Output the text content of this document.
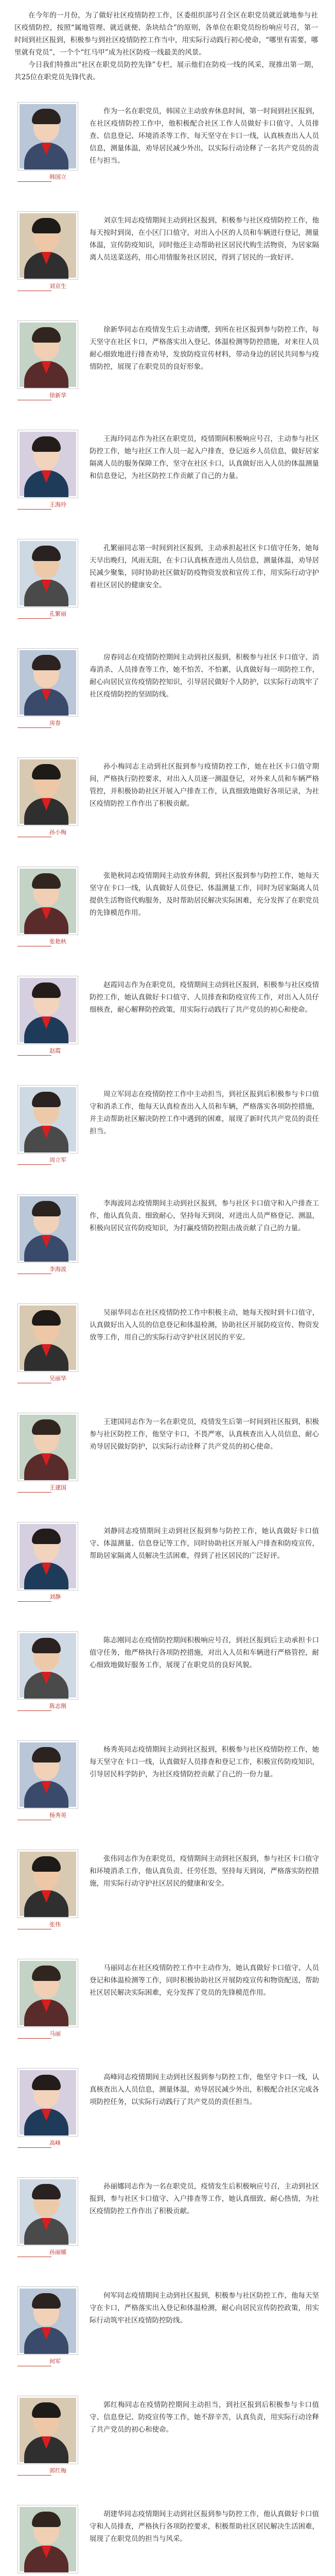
在今年的一月份，为了做好社区疫情防控工作，区委组织部号召全区在职党员就近就地参与社区疫情防控，按照“属地管理、就近就便、条块结合”的原则，各单位在职党员纷纷响应号召，第一时间到社区报到，积极参与到社区疫情防控工作当中，用实际行动践行初心使命，“哪里有需要，哪里就有党员”，一个个“红马甲”成为社区防疫一线最美的风景。

今日我们特推出“社区在职党员防控先锋”专栏，展示他们在防疫一线的风采，现推出第一期，共25位在职党员先锋代表。

韩国立

作为一名在职党员，韩国立主动放弃休息时间，第一时间到社区报到，在社区疫情防控工作中，他积极配合社区工作人员做好卡口值守、人员排查、信息登记、环境消杀等工作，每天坚守在卡口一线，认真核查出入人员信息，测量体温，劝导居民减少外出，以实际行动诠释了一名共产党员的责任与担当。

刘京生

刘京生同志疫情期间主动到社区报到，积极参与社区疫情防控工作，他每天按时到岗，在小区门口值守，对出入小区的人员和车辆进行登记，测量体温，宣传防疫知识，同时他还主动帮助社区居民代购生活物资，为居家隔离人员送菜送药，用心用情服务社区居民，得到了居民的一致好评。

徐新华

徐新华同志在疫情发生后主动请缨，到所在社区报到参与防控工作，每天坚守在社区卡口，严格落实出入登记、体温检测等防控措施，对来往人员耐心细致地进行排查劝导，发放防疫宣传材料，带动身边的居民共同参与疫情防控，展现了在职党员的良好形象。

王海玲

王海玲同志作为社区在职党员，疫情期间积极响应号召，主动参与社区防控工作，她与社区工作人员一起入户排查，登记返乡人员信息，做好居家隔离人员的服务保障工作，坚守在社区卡口，认真做好出入人员的体温测量和信息登记，为社区防控工作贡献了自己的力量。

孔繁丽

孔繁丽同志第一时间到社区报到，主动承担起社区卡口值守任务，她每天早出晚归，风雨无阻，在卡口认真核查进出人员信息，测量体温，劝导居民减少聚集，同时协助社区做好防疫物资发放和宣传工作，用实际行动守护着社区居民的健康安全。

房春

房春同志在疫情防控期间主动到社区报到，积极参与社区卡口值守、消毒消杀、人员排查等工作，她不怕苦、不怕累，认真做好每一项防控工作，耐心向居民宣传疫情防控知识，引导居民做好个人防护，以实际行动筑牢了社区疫情防控的坚固防线。

孙小梅

孙小梅同志主动到社区报到参与疫情防控工作，她在社区卡口值守期间，严格执行防控要求，对出入人员逐一测温登记，对外来人员和车辆严格管控，并积极协助社区开展入户排查工作，认真细致地做好各项记录，为社区疫情防控工作作出了积极贡献。

张艳秋

张艳秋同志疫情期间主动放弃休假，到社区报到参与防控工作，她每天坚守在卡口一线，认真做好人员登记、体温测量工作，同时为居家隔离人员提供生活物资代购服务，及时帮助居民解决实际困难，充分发挥了在职党员的先锋模范作用。

赵霞

赵霞同志作为在职党员，疫情期间主动到社区报到，积极参与社区疫情防控工作，她认真做好卡口值守、人员排查和防疫宣传工作，对出入人员仔细核查，耐心解释防控政策，用实际行动践行了共产党员的初心和使命。

周立军

周立军同志在疫情防控工作中主动担当，到社区报到后积极参与卡口值守和消杀工作，他每天认真检查出入人员和车辆，严格落实各项防控措施，并主动帮助社区解决防控工作中遇到的困难，展现了新时代共产党员的责任担当。

李海波

李海波同志疫情期间主动到社区报到，参与社区卡口值守和入户排查工作，他认真负责、细致耐心，坚持每天到岗，对进出人员严格登记、测温，积极向居民宣传防疫知识，为打赢疫情防控阻击战贡献了自己的力量。

吴丽华

吴丽华同志在社区疫情防控工作中积极主动，她每天按时到卡口值守，认真做好出入人员的信息登记和体温检测，协助社区开展防疫宣传、物资发放等工作，用自己的实际行动守护社区居民的平安。

王建国

王建国同志作为一名在职党员，疫情发生后第一时间到社区报到，积极参与社区防控工作，他坚守卡口，不畏严寒，认真核查出入人员信息，耐心劝导居民做好防护，以实际行动诠释了共产党员的初心使命。

刘静

刘静同志疫情期间主动到社区报到参与防控工作，她认真做好卡口值守、体温测量、信息登记等工作，同时协助社区开展入户排查和防疫宣传，帮助居家隔离人员解决生活困难，得到了社区居民的广泛好评。

陈志刚

陈志刚同志在疫情防控期间积极响应号召，到社区报到后主动承担卡口值守任务，他严格执行各项防控措施，对出入人员和车辆进行严格管控，耐心细致地做好服务工作，展现了在职党员的良好风貌。

杨秀英

杨秀英同志疫情期间主动到社区报到，积极参与社区疫情防控工作，她每天坚守在卡口一线，认真做好人员排查和登记工作，积极宣传防疫知识，引导居民科学防护，为社区疫情防控贡献了自己的一份力量。

张伟

张伟同志作为在职党员，疫情期间主动到社区报到，参与社区卡口值守和环境消杀工作，他认真负责、任劳任怨，坚持每天到岗，严格落实防控措施，用实际行动守护社区居民的健康和安全。

马丽

马丽同志在社区疫情防控工作中主动作为，她认真做好卡口值守、人员登记和体温检测等工作，同时积极协助社区开展防疫宣传和物资配送，帮助社区居民解决实际困难，充分发挥了党员的先锋模范作用。

高峰

高峰同志疫情期间主动到社区报到参与防控工作，他坚守卡口一线，认真核查出入人员信息，测量体温，劝导居民减少外出，积极配合社区完成各项防控任务，以实际行动践行了共产党员的责任担当。

孙丽娜

孙丽娜同志作为一名在职党员，疫情发生后积极响应号召，主动到社区报到，参与社区卡口值守、入户排查等工作，她认真细致、耐心热情，为社区疫情防控工作作出了积极贡献。

何军

何军同志疫情期间主动到社区报到，积极参与社区防控工作，他每天坚守在卡口，严格落实出入登记和体温检测，耐心向居民宣传防控政策，用实际行动筑牢社区疫情防控防线。

郭红梅

郭红梅同志在疫情防控期间主动担当，到社区报到后积极参与卡口值守、信息登记、防疫宣传等工作，她不辞辛苦，认真负责，用实际行动诠释了共产党员的初心和使命。

胡建华同志疫情期间主动到社区报到参与防控工作，他认真做好卡口值守和人员排查，严格执行各项防控要求，积极帮助社区居民解决生活困难，展现了在职党员的担当与风采。
